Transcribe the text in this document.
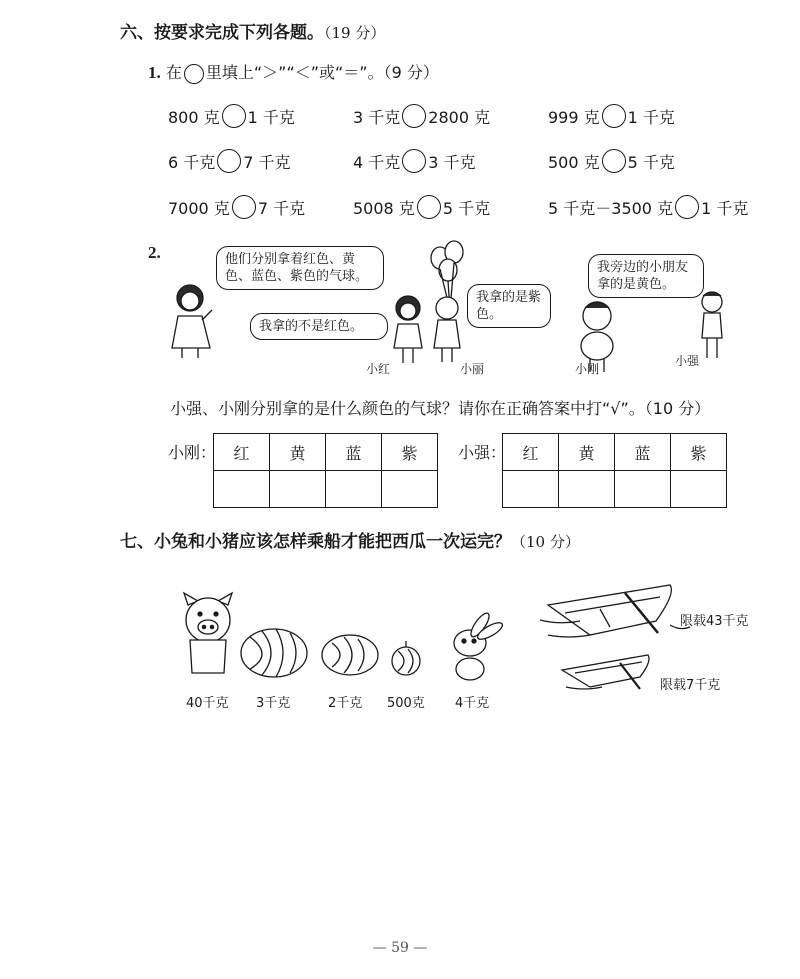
六、按要求完成下列各题。（19 分）
1. 在 里填上“＞”“＜”或“＝”。（9 分）
800 克 1 千克	3 千克 2800 克	999 克 1 千克
6 千克 7 千克	4 千克 3 千克	500 克 5 千克
7000 克 7 千克	5008 克 5 千克	5 千克－3500 克 1 千克
2.	他们分别拿着红色、黄色、蓝色、紫色的气球。
我拿的不是红色。
我拿的是紫色。
我旁边的小朋友拿的是黄色。
小红	小丽	小刚
小强
小强、小刚分别拿的是什么颜色的气球？请你在正确答案中打“√”。（10 分）
小刚： 红	黄	蓝	紫
				小强： 红	黄	蓝	紫

七、小兔和小猪应该怎样乘船才能把西瓜一次运完？（10 分）
40千克 3千克	2千克 500克 4千克
限载43千克
限载7千克
— 59 —
